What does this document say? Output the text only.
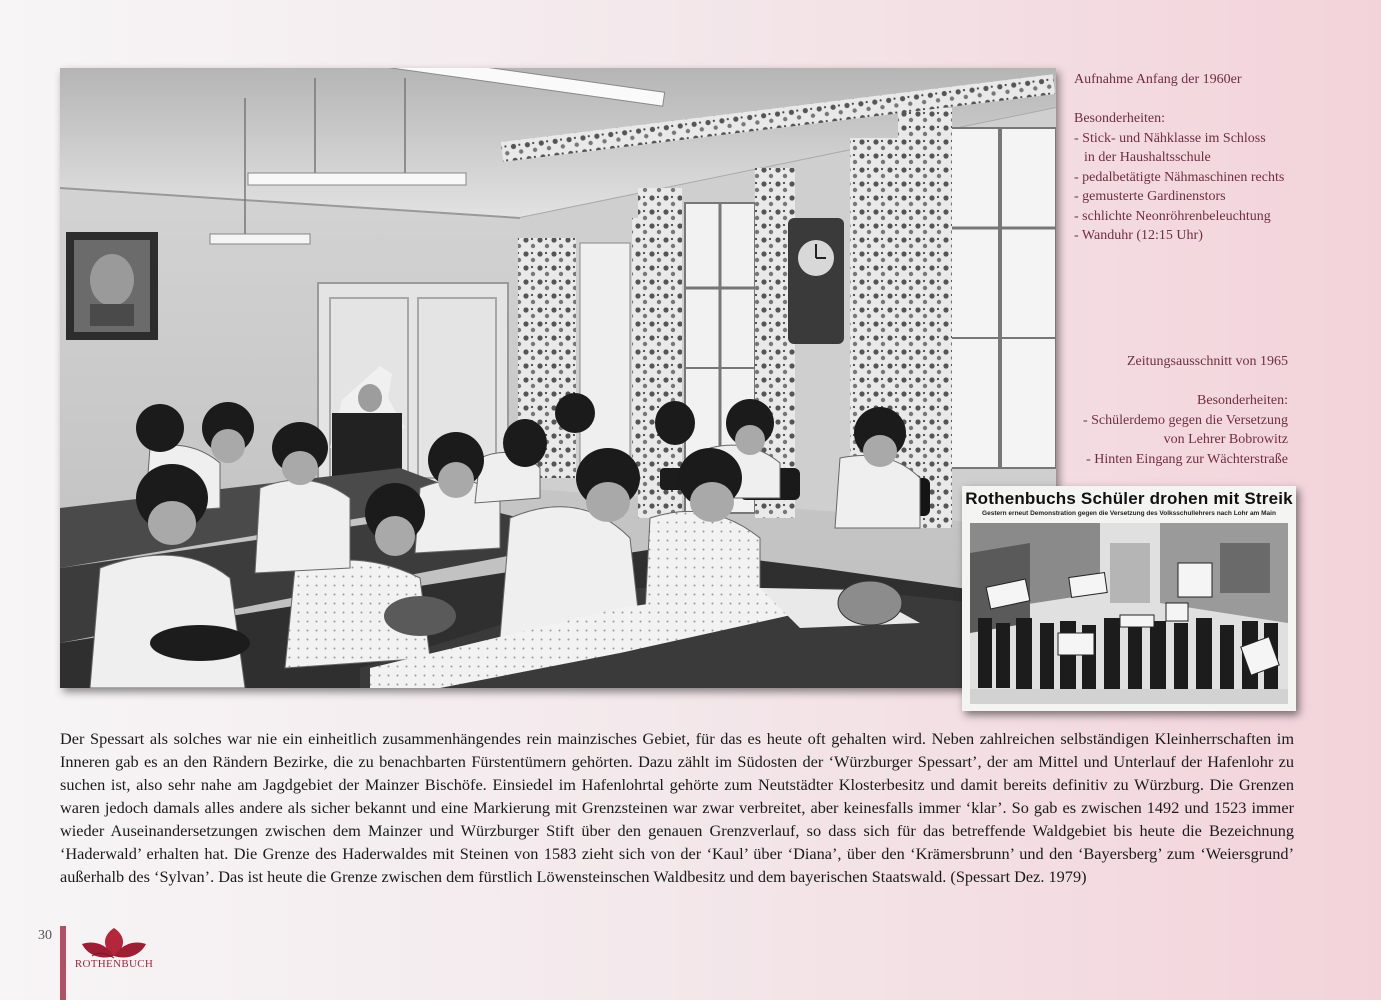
Aufnahme Anfang der 1960er
Besonderheiten:
- Stick- und Nähklasse im Schloss
in der Haushaltsschule
- pedalbetätigte Nähmaschinen rechts
- gemusterte Gardinenstors
- schlichte Neonröhrenbeleuchtung
- Wanduhr (12:15 Uhr)
Zeitungsausschnitt von 1965
Besonderheiten:
- Schülerdemo gegen die Versetzung
von Lehrer Bobrowitz
- Hinten Eingang zur Wächterstraße
Rothenbuchs Schüler drohen mit Streik
Gestern erneut Demonstration gegen die Versetzung des Volksschullehrers nach Lohr am Main
Der Spessart als solches war nie ein einheitlich zusammenhängendes rein mainzisches Gebiet, für das es heute oft gehalten wird. Neben zahlreichen selbständigen Kleinherrschaften im Inneren gab es an den Rändern Bezirke, die zu benachbarten Fürstentümern gehörten. Dazu zählt im Südosten der ‘Würzburger Spessart’, der am Mittel und Unterlauf der Hafenlohr zu suchen ist, also sehr nahe am Jagdgebiet der Mainzer Bischöfe. Einsiedel im Hafenlohrtal gehörte zum Neutstädter Klosterbesitz und damit bereits definitiv zu Würzburg. Die Grenzen waren jedoch damals alles andere als sicher bekannt und eine Markierung mit Grenzsteinen war zwar verbreitet, aber keinesfalls immer ‘klar’. So gab es zwischen 1492 und 1523 immer wieder Auseinandersetzungen zwischen dem Mainzer und Würzburger Stift über den genauen Grenzverlauf, so dass sich für das betreffende Waldgebiet bis heute die Bezeichnung ‘Haderwald’ erhalten hat. Die Grenze des Haderwaldes mit Steinen von 1583 zieht sich von der ‘Kaul’ über ‘Diana’, über den ‘Krämersbrunn’ und den ‘Bayersberg’ zum ‘Weiersgrund’ außerhalb des ‘Sylvan’. Das ist heute die Grenze zwischen dem fürstlich Löwensteinschen Waldbesitz und dem bayerischen Staatswald. (Spessart Dez. 1979)
30
ROTHENBUCH
